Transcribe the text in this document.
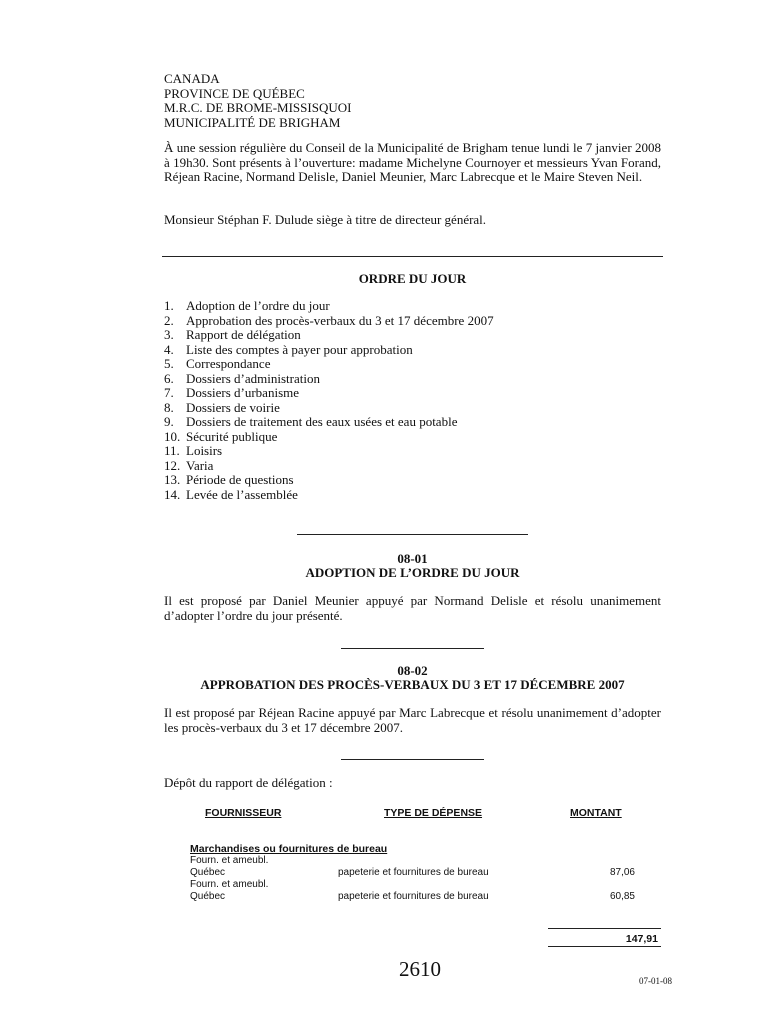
CANADA
PROVINCE DE QUÉBEC
M.R.C. DE BROME-MISSISQUOI
MUNICIPALITÉ DE BRIGHAM
À une session régulière du Conseil de la Municipalité de Brigham tenue lundi le 7 janvier 2008 à 19h30. Sont présents à l’ouverture: madame Michelyne Cournoyer et messieurs Yvan Forand, Réjean Racine, Normand Delisle, Daniel Meunier, Marc Labrecque et le Maire Steven Neil.
Monsieur Stéphan F. Dulude siège à titre de directeur général.
ORDRE DU JOUR
1. Adoption de l’ordre du jour
2. Approbation des procès-verbaux du 3 et 17 décembre 2007
3. Rapport de délégation
4. Liste des comptes à payer pour approbation
5. Correspondance
6. Dossiers d’administration
7. Dossiers d’urbanisme
8. Dossiers de voirie
9. Dossiers de traitement des eaux usées et eau potable
10. Sécurité publique
11. Loisirs
12. Varia
13. Période de questions
14. Levée de l’assemblée
08-01
ADOPTION DE L’ORDRE DU JOUR
Il est proposé par Daniel Meunier appuyé par Normand Delisle et résolu unanimement d’adopter l’ordre du jour présenté.
08-02
APPROBATION DES PROCÈS-VERBAUX DU 3 ET 17 DÉCEMBRE 2007
Il est proposé par Réjean Racine appuyé par Marc Labrecque et résolu unanimement d’adopter les procès-verbaux du 3 et 17 décembre 2007.
Dépôt du rapport de délégation :
FOURNISSEUR	TYPE DE DÉPENSE	MONTANT
Marchandises ou fournitures de bureau
Fourn. et ameubl.
Québec	papeterie et fournitures de bureau	87,06
Fourn. et ameubl.
Québec	papeterie et fournitures de bureau	60,85
147,91
2610	07-01-08
